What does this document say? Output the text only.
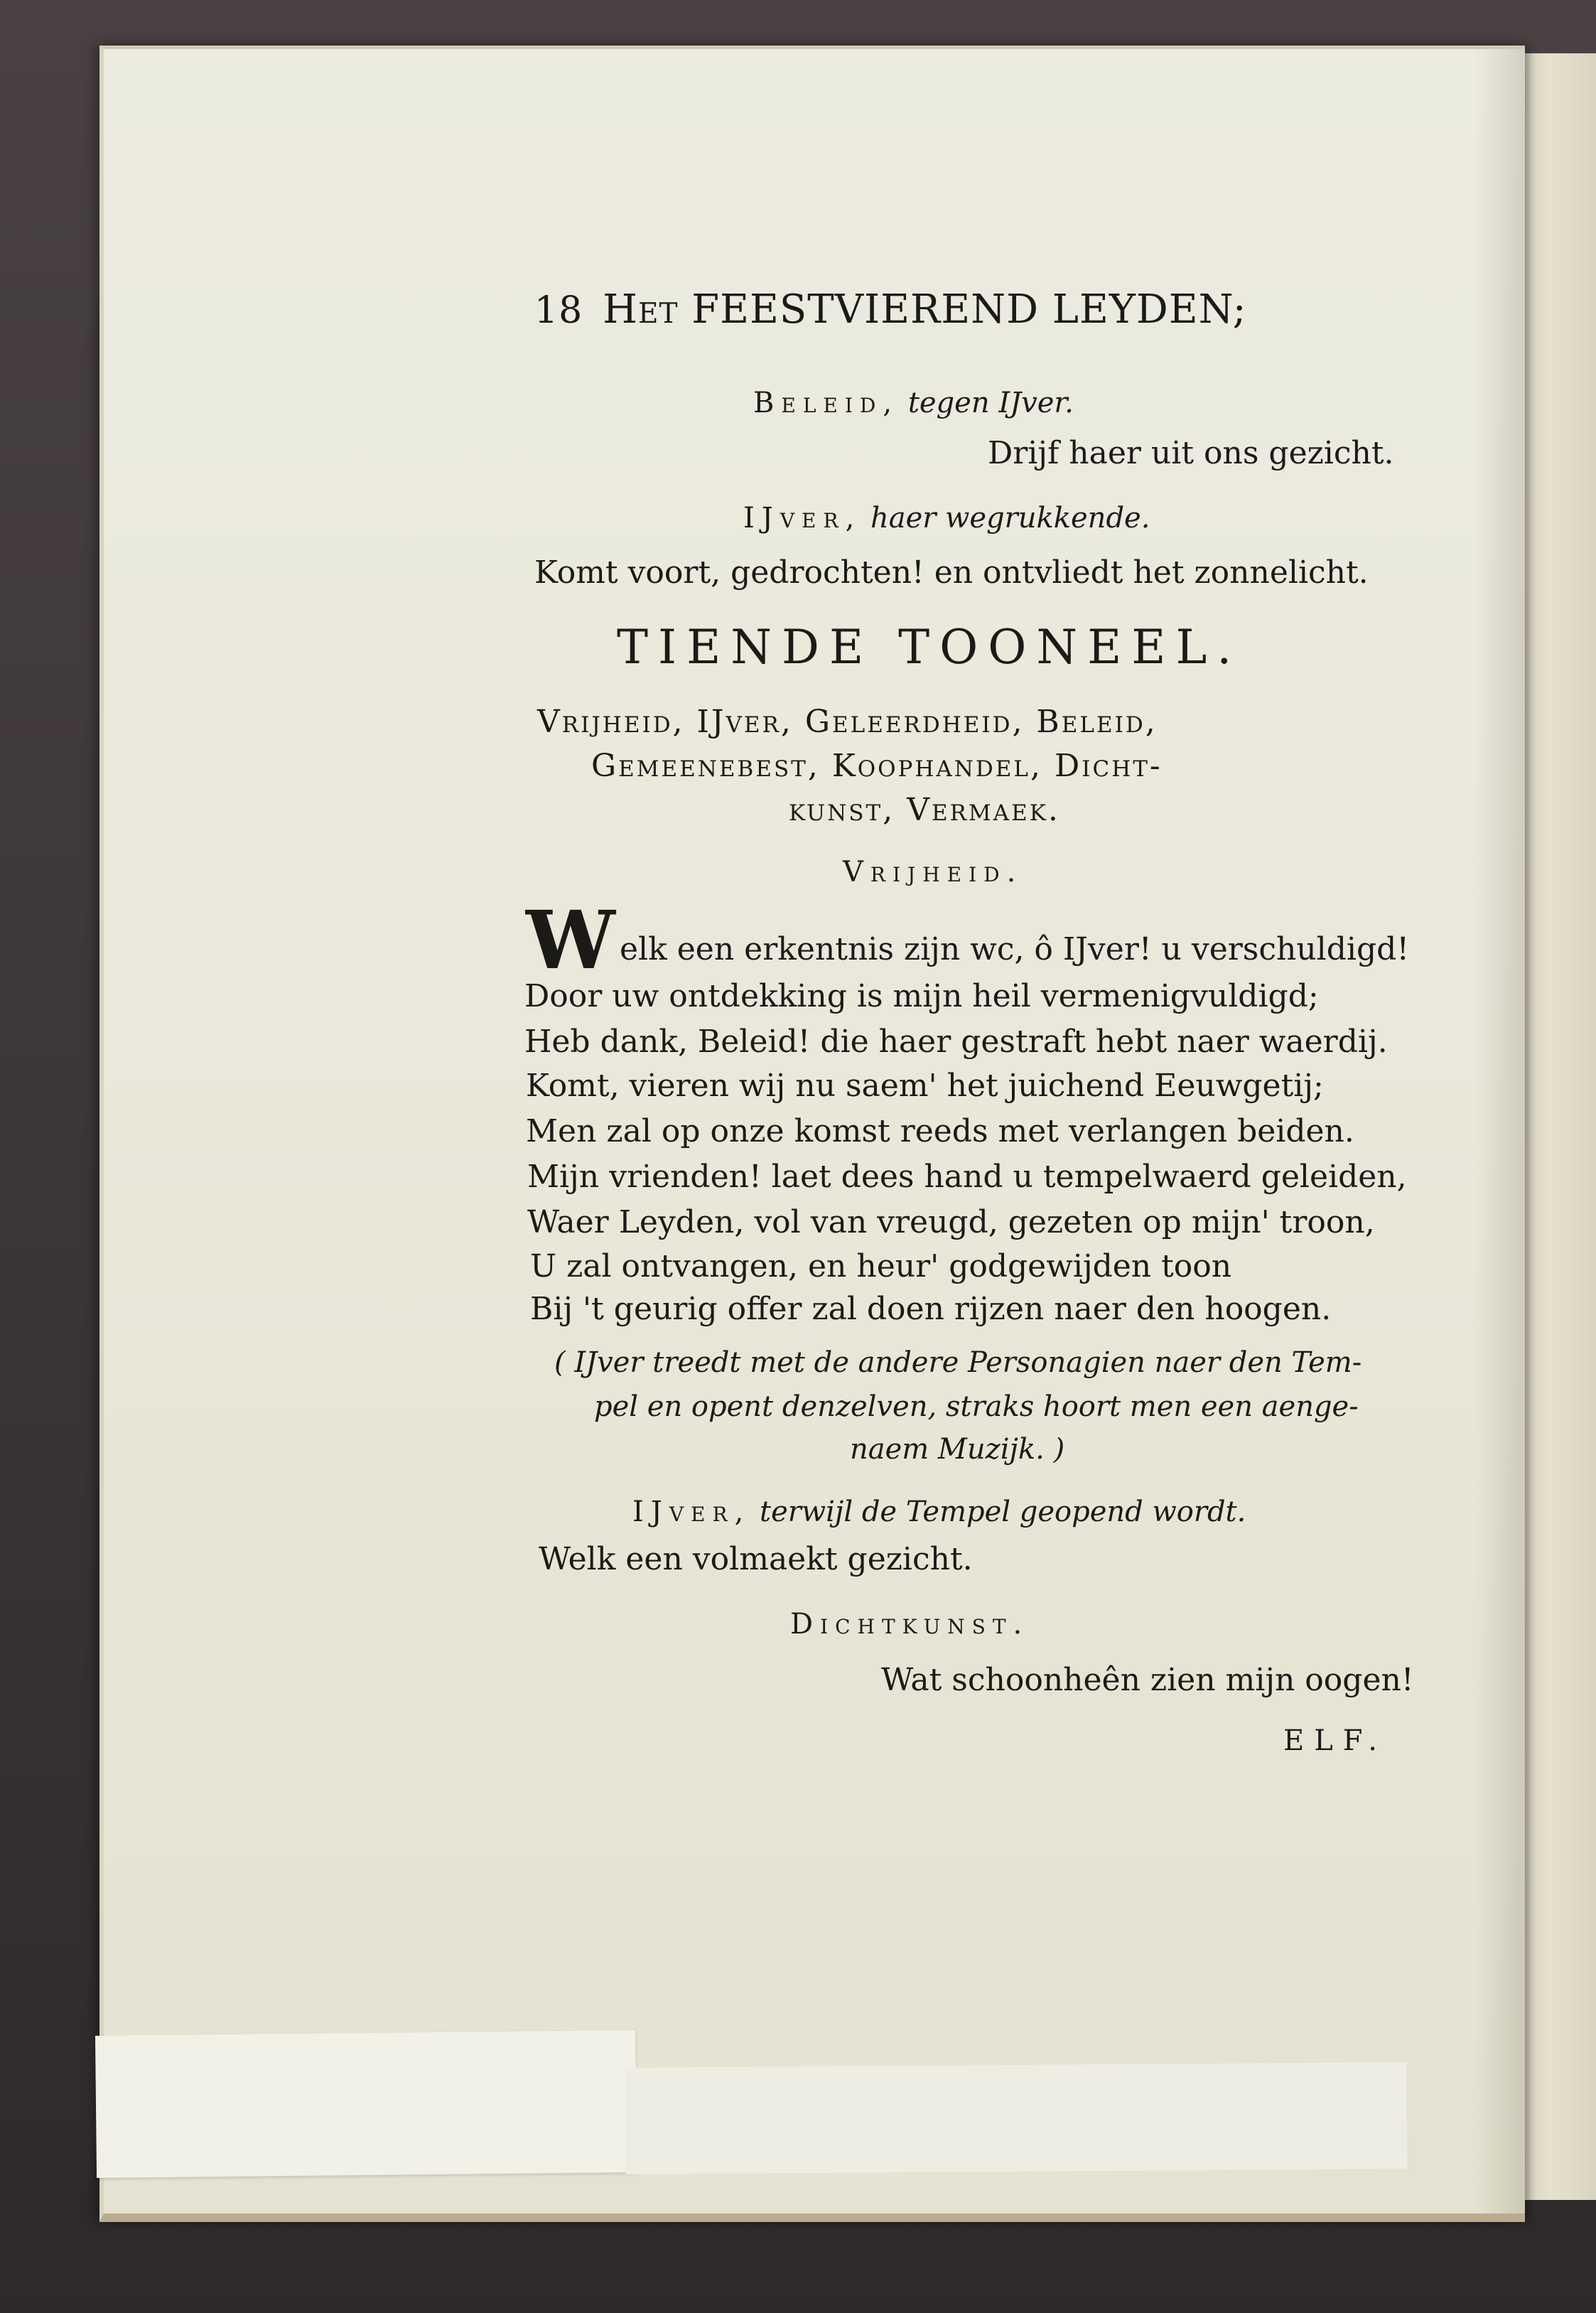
18 Het FEESTVIEREND LEYDEN;

Beleid, tegen IJver.

Drijf haer uit ons gezicht.

IJver, haer wegrukkende.

Komt voort, gedrochten! en ontvliedt het zonnelicht.

TIENDE TOONEEL.

Vrijheid, IJver, Geleerdheid, Beleid,

Gemeenebest, Koophandel, Dicht-

kunst, Vermaek.

Vrijheid.

W elk een erkentnis zijn wc, ô IJver! u verschuldigd!

Door uw ontdekking is mijn heil vermenigvuldigd;

Heb dank, Beleid! die haer gestraft hebt naer waerdij.

Komt, vieren wij nu saem' het juichend Eeuwgetij;

Men zal op onze komst reeds met verlangen beiden.

Mijn vrienden! laet dees hand u tempelwaerd geleiden,

Waer Leyden, vol van vreugd, gezeten op mijn' troon,

U zal ontvangen, en heur' godgewijden toon

Bij 't geurig offer zal doen rijzen naer den hoogen.

( IJver treedt met de andere Personagien naer den Tem-

pel en opent denzelven, straks hoort men een aenge-

naem Muzijk. )

IJver, terwijl de Tempel geopend wordt.

Welk een volmaekt gezicht.

Dichtkunst.

Wat schoonheên zien mijn oogen!

ELF.
